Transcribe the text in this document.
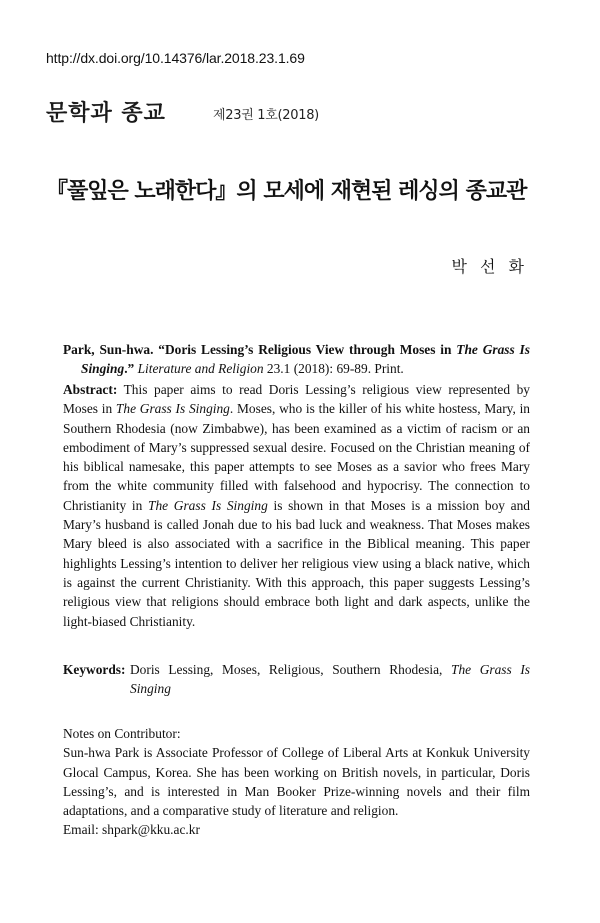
http://dx.doi.org/10.14376/lar.2018.23.1.69
문학과 종교	제23권 1호(2018)
『풀잎은 노래한다』의 모세에 재현된 레싱의 종교관
박 선 화
Park, Sun-hwa. “Doris Lessing’s Religious View through Moses in The Grass Is Singing.” Literature and Religion 23.1 (2018): 69-89. Print.
Abstract: This paper aims to read Doris Lessing’s religious view represented by Moses in The Grass Is Singing. Moses, who is the killer of his white hostess, Mary, in Southern Rhodesia (now Zimbabwe), has been examined as a victim of racism or an embodiment of Mary’s suppressed sexual desire. Focused on the Christian meaning of his biblical namesake, this paper attempts to see Moses as a savior who frees Mary from the white community filled with falsehood and hypocrisy. The connection to Christianity in The Grass Is Singing is shown in that Moses is a mission boy and Mary’s husband is called Jonah due to his bad luck and weakness. That Moses makes Mary bleed is also associated with a sacrifice in the Biblical meaning. This paper highlights Lessing’s intention to deliver her religious view using a black native, which is against the current Christianity. With this approach, this paper suggests Lessing’s religious view that religions should embrace both light and dark aspects, unlike the light-biased Christianity.
Keywords: Doris Lessing, Moses, Religious, Southern Rhodesia, The Grass Is Singing

Notes on Contributor:

Sun-hwa Park is Associate Professor of College of Liberal Arts at Konkuk University Glocal Campus, Korea. She has been working on British novels, in particular, Doris Lessing’s, and is interested in Man Booker Prize-winning novels and their film adaptations, and a comparative study of literature and religion.

Email: shpark@kku.ac.kr
